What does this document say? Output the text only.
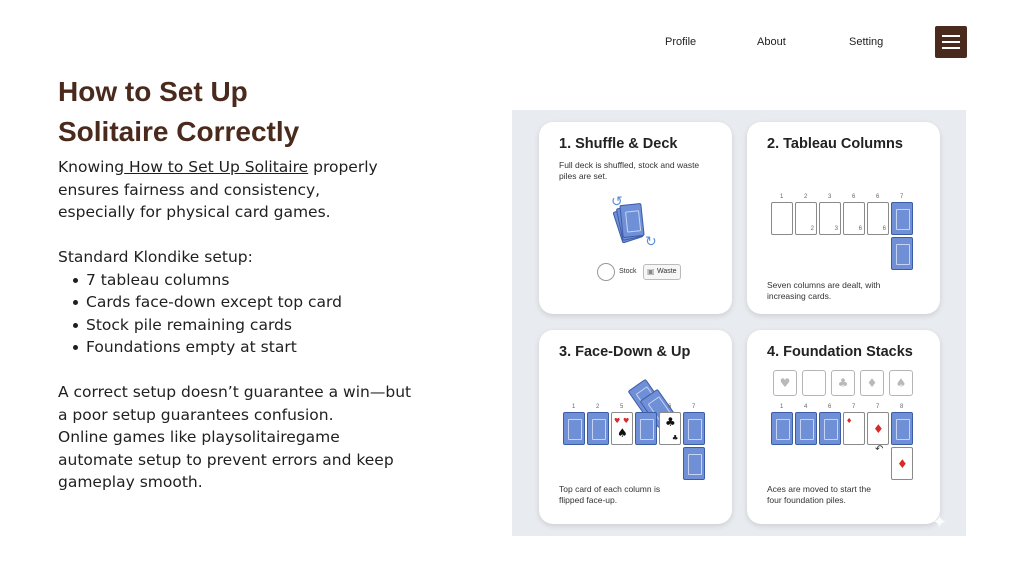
Profile	About	Setting
How to Set Up
Solitaire Correctly

Knowing How to Set Up Solitaire properly

ensures fairness and consistency,

especially for physical card games.

Standard Klondike setup:

7 tableau columns
Cards face-down except top card
Stock pile remaining cards
Foundations empty at start

A correct setup doesn’t guarantee a win—but

a poor setup guarantees confusion.

Online games like playsolitairegame

automate setup to prevent errors and keep

gameplay smooth.

1. Shuffle & Deck
Full deck is shuffled, stock and waste
piles are set.
↺
↻
Stock ▣ Waste
2. Tableau Columns
1	2	3	6	6	7
2	3	6	6
Seven columns are dealt, with
increasing cards.
3. Face-Down & Up
1	2	5	6	7
♥ ♥
♠
♣
♣
Top card of each column is
flipped face-up.
4. Foundation Stacks
♥	♣	♦	♠
1	4	6	7	7	8
♦
♦
↶
♦
Aces are moved to start the
four foundation piles.
✦
